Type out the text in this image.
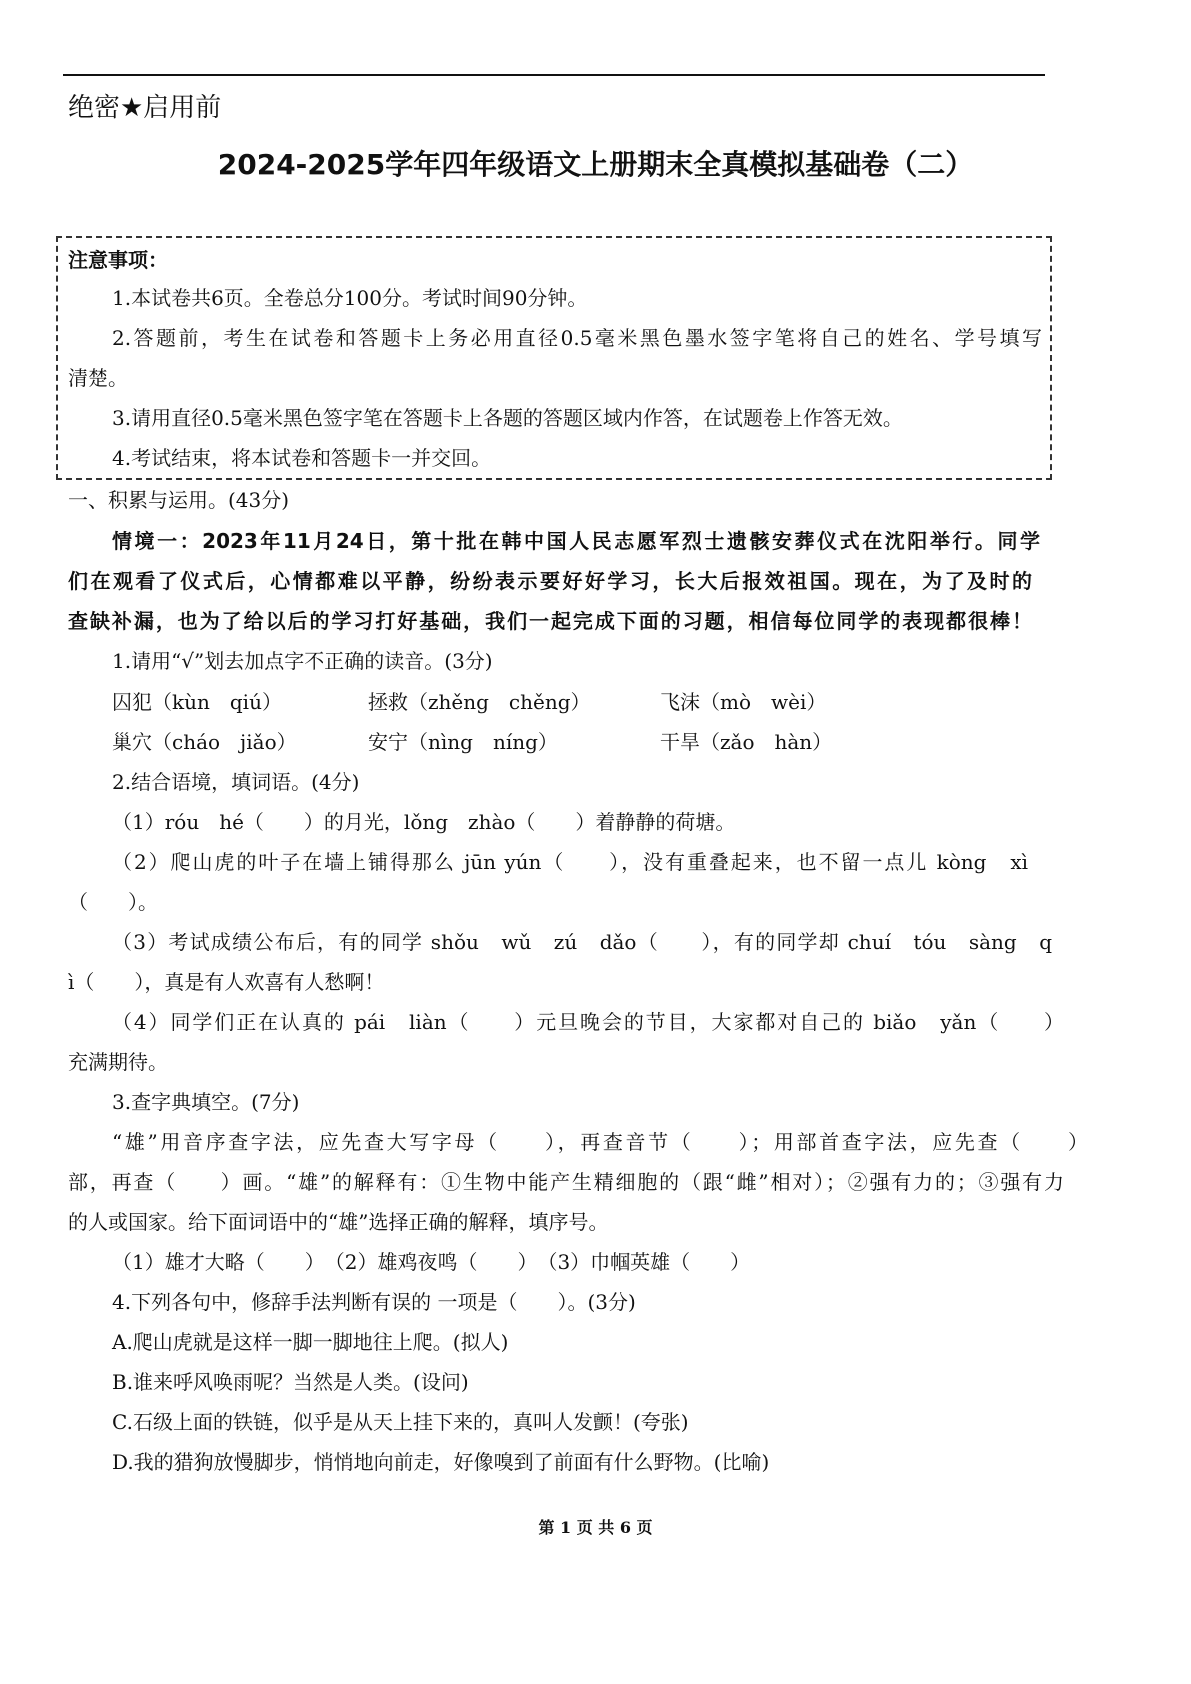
绝密★启用前
2024-2025学年四年级语文上册期末全真模拟基础卷（二）
注意事项：
1.本试卷共6页。全卷总分100分。考试时间90分钟。
2.答题前，考生在试卷和答题卡上务必用直径0.5毫米黑色墨水签字笔将自己的姓名、学号填写
清楚。
3.请用直径0.5毫米黑色签字笔在答题卡上各题的答题区域内作答，在试题卷上作答无效。
4.考试结束，将本试卷和答题卡一并交回。
一、积累与运用。(43分)
情境一：2023年11月24日，第十批在韩中国人民志愿军烈士遗骸安葬仪式在沈阳举行。同学
们在观看了仪式后，心情都难以平静，纷纷表示要好好学习，长大后报效祖国。现在，为了及时的
查缺补漏，也为了给以后的学习打好基础，我们一起完成下面的习题，相信每位同学的表现都很棒！
1.请用“√”划去加点字不正确的读音。(3分)
囚犯（kùn　qiú）	拯救（zhěng　chěng）	飞沫（mò　wèi）
巢穴（cháo　jiǎo）	安宁（nìng　níng）	干旱（zǎo　hàn）
2.结合语境，填词语。(4分)
（1）róu　hé（　　）的月光，lǒng　zhào（　　）着静静的荷塘。
（2）爬山虎的叶子在墙上铺得那么 jūn yún（　　），没有重叠起来，也不留一点儿 kòng　xì
（　　）。
（3）考试成绩公布后，有的同学 shǒu　wǔ　zú　dǎo（　　），有的同学却 chuí　tóu　sàng　q
ì（　　），真是有人欢喜有人愁啊！
（4）同学们正在认真的 pái　liàn（　　）元旦晚会的节目，大家都对自己的 biǎo　yǎn（　　）
充满期待。
3.查字典填空。(7分)
“雄”用音序查字法，应先查大写字母（　　），再查音节（　　）；用部首查字法，应先查（　　）
部，再查（　　）画。“雄”的解释有：①生物中能产生精细胞的（跟“雌”相对）；②强有力的；③强有力
的人或国家。给下面词语中的“雄”选择正确的解释，填序号。
（1）雄才大略（　　）　（2）雄鸡夜鸣（　　）　（3）巾帼英雄（　　）
4.下列各句中，修辞手法判断有误的 一项是（　　）。(3分)
A.爬山虎就是这样一脚一脚地往上爬。(拟人)
B.谁来呼风唤雨呢？当然是人类。(设问)
C.石级上面的铁链，似乎是从天上挂下来的，真叫人发颤！(夸张)
D.我的猎狗放慢脚步，悄悄地向前走，好像嗅到了前面有什么野物。(比喻)
第 1 页 共 6 页
